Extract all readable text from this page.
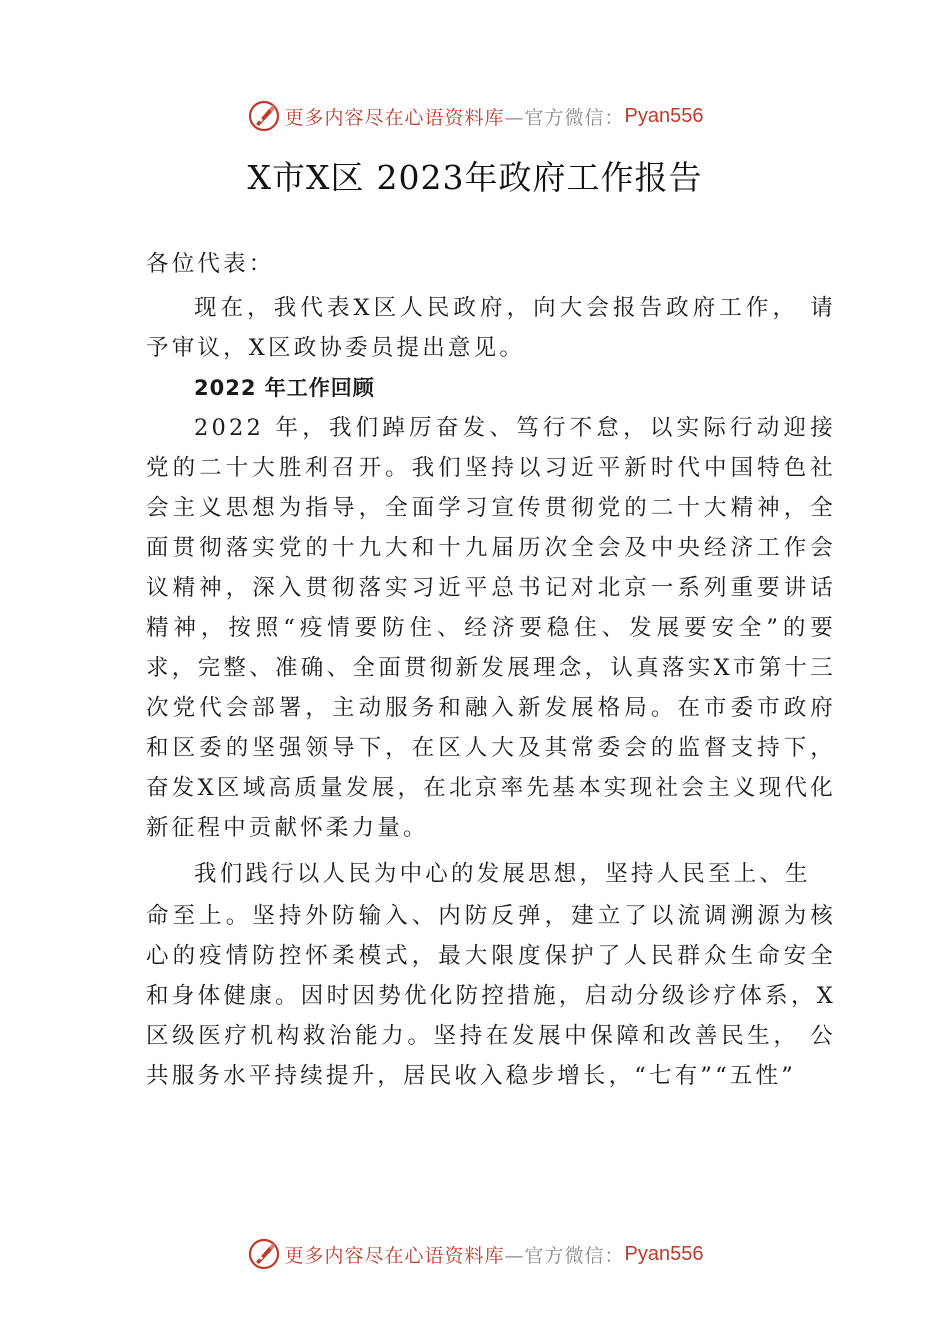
更多内容尽在心语资料库 —官方微信： Pyan556
X市X区 2023年政府工作报告

各位代表：

现在，我代表X区人民政府，向大会报告政府工作， 请予审议，X区政协委员提出意见。

2022 年工作回顾

2022 年，我们踔厉奋发、笃行不怠，以实际行动迎接党的二十大胜利召开。我们坚持以习近平新时代中国特色社会主义思想为指导，全面学习宣传贯彻党的二十大精神，全面贯彻落实党的十九大和十九届历次全会及中央经济工作会议精神，深入贯彻落实习近平总书记对北京一系列重要讲话精神，按照“疫情要防住、经济要稳住、发展要安全”的要求，完整、准确、全面贯彻新发展理念，认真落实X市第十三次党代会部署，主动服务和融入新发展格局。在市委市政府和区委的坚强领导下，在区人大及其常委会的监督支持下，奋发X区域高质量发展，在北京率先基本实现社会主义现代化新征程中贡献怀柔力量。

我们践行以人民为中心的发展思想，坚持人民至上、生

命至上。坚持外防输入、内防反弹，建立了以流调溯源为核心的疫情防控怀柔模式，最大限度保护了人民群众生命安全和身体健康。因时因势优化防控措施，启动分级诊疗体系，X区级医疗机构救治能力。坚持在发展中保障和改善民生， 公共服务水平持续提升，居民收入稳步增长，“七有”“五性”

更多内容尽在心语资料库 —官方微信： Pyan556
